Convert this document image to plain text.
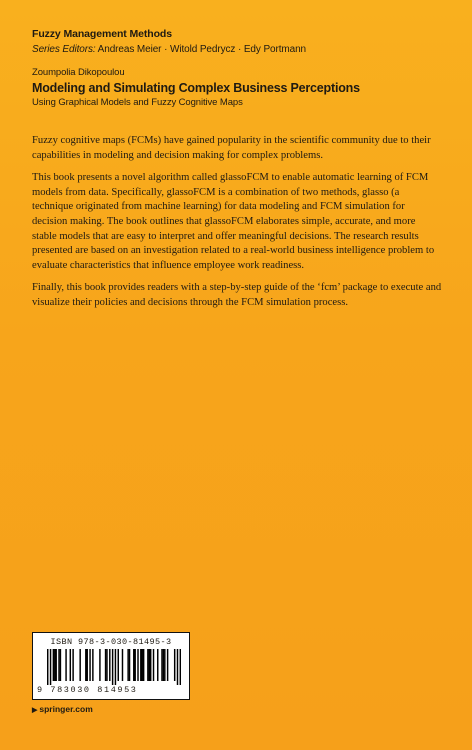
Fuzzy Management Methods
Series Editors: Andreas Meier · Witold Pedrycz · Edy Portmann
Zoumpolia Dikopoulou
Modeling and Simulating Complex Business Perceptions
Using Graphical Models and Fuzzy Cognitive Maps

Fuzzy cognitive maps (FCMs) have gained popularity in the scientific community due to their capabilities in modeling and decision making for complex problems.

This book presents a novel algorithm called glassoFCM to enable automatic learning of FCM models from data. Specifically, glassoFCM is a combination of two methods, glasso (a technique originated from machine learning) for data modeling and FCM simulation for decision making. The book outlines that glassoFCM elaborates simple, accurate, and more stable models that are easy to interpret and offer meaningful decisions. The research results presented are based on an investigation related to a real-world business intelligence problem to evaluate characteristics that influence employee work readiness.

Finally, this book provides readers with a step-by-step guide of the ‘fcm’ package to execute and visualize their policies and decisions through the FCM simulation process.

ISBN 978-3-030-81495-3
9 783030 814953
▶ springer.com
